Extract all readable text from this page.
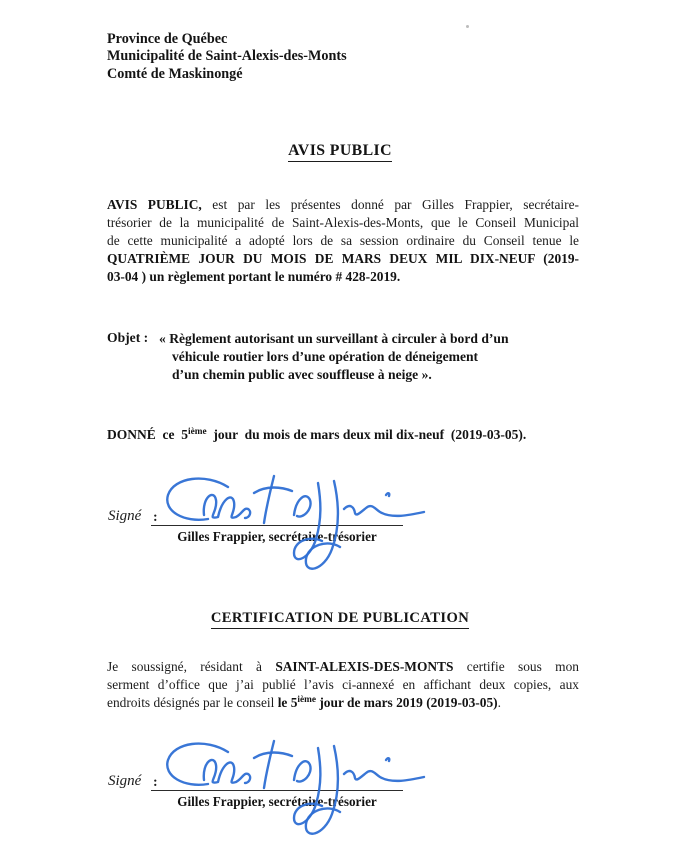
Province de Québec
Municipalité de Saint-Alexis-des-Monts
Comté de Maskinongé
AVIS PUBLIC
AVIS PUBLIC, est par les présentes donné par Gilles Frappier, secrétaire-
trésorier de la municipalité de Saint-Alexis-des-Monts, que le Conseil Municipal
de cette municipalité a adopté lors de sa session ordinaire du Conseil tenue le
QUATRIÈME JOUR DU MOIS DE MARS DEUX MIL DIX-NEUF (2019-
03-04 ) un règlement portant le numéro # 428-2019.
Objet : « Règlement autorisant un surveillant à circuler à bord d’un
véhicule routier lors d’une opération de déneigement
d’un chemin public avec souffleuse à neige ».
DONNÉ  ce  5ième  jour  du mois de mars deux mil dix-neuf  (2019-03-05).
Signé :
Gilles Frappier, secrétaire-trésorier
CERTIFICATION DE PUBLICATION
Je soussigné, résidant à SAINT-ALEXIS-DES-MONTS certifie sous mon
serment d’office que j’ai publié l’avis ci-annexé en affichant deux copies, aux
endroits désignés par le conseil le 5ième jour de mars 2019 (2019-03-05).
Signé :
Gilles Frappier, secrétaire-trésorier
